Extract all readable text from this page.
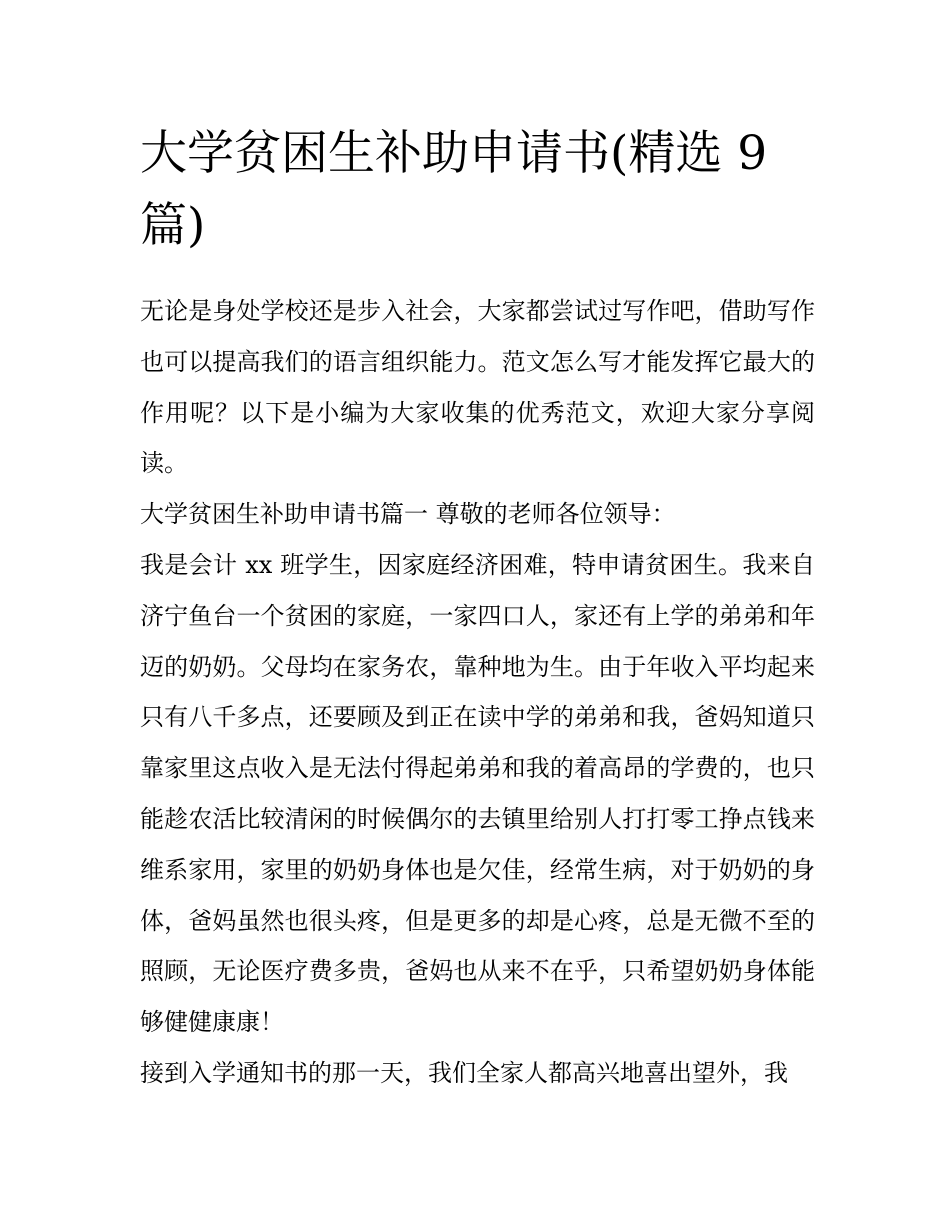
大学贫困生补助申请书(精选 9 篇)

无论是身处学校还是步入社会，大家都尝试过写作吧，借助写作也可以提高我们的语言组织能力。范文怎么写才能发挥它最大的作用呢？以下是小编为大家收集的优秀范文，欢迎大家分享阅读。

大学贫困生补助申请书篇一 尊敬的老师各位领导：

我是会计 xx 班学生，因家庭经济困难，特申请贫困生。我来自济宁鱼台一个贫困的家庭，一家四口人，家还有上学的弟弟和年迈的奶奶。父母均在家务农，靠种地为生。由于年收入平均起来只有八千多点，还要顾及到正在读中学的弟弟和我，爸妈知道只靠家里这点收入是无法付得起弟弟和我的着高昂的学费的，也只能趁农活比较清闲的时候偶尔的去镇里给别人打打零工挣点钱来维系家用，家里的奶奶身体也是欠佳，经常生病，对于奶奶的身体，爸妈虽然也很头疼，但是更多的却是心疼，总是无微不至的照顾，无论医疗费多贵，爸妈也从来不在乎，只希望奶奶身体能够健健康康！

接到入学通知书的那一天，我们全家人都高兴地喜出望外，我
